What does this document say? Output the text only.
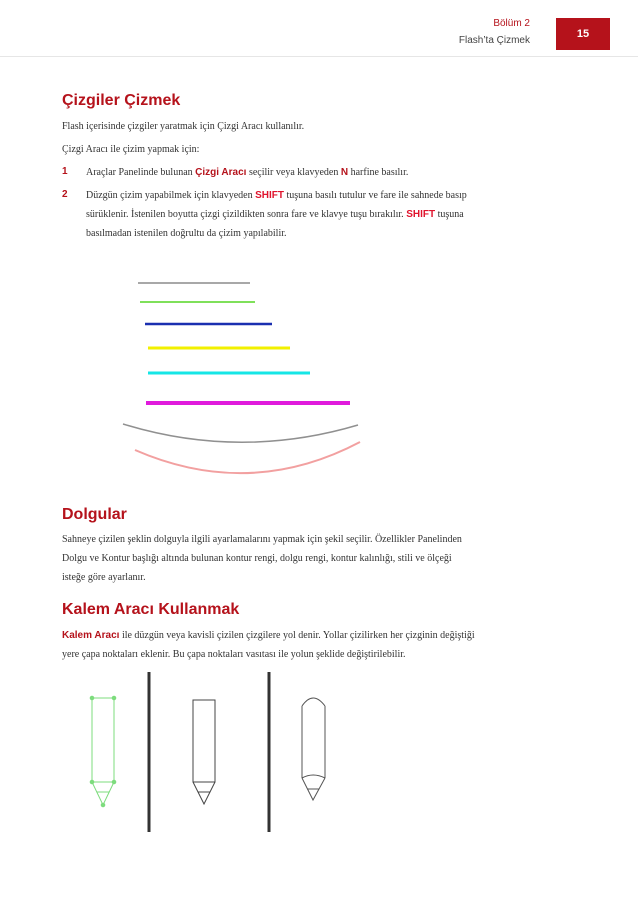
Bölüm 2
Flash’ta Çizmek
15
Çizgiler Çizmek
Flash içerisinde çizgiler yaratmak için Çizgi Aracı kullanılır.
Çizgi Aracı ile çizim yapmak için:
1 Araçlar Panelinde bulunan Çizgi Aracı seçilir veya klavyeden N harfine basılır.
2 Düzgün çizim yapabilmek için klavyeden SHIFT tuşuna basılı tutulur ve fare ile sahnede basıp
sürüklenir. İstenilen boyutta çizgi çizildikten sonra fare ve klavye tuşu bırakılır. SHIFT tuşuna
basılmadan istenilen doğrultu da çizim yapılabilir.
Dolgular
Sahneye çizilen şeklin dolguyla ilgili ayarlamalarını yapmak için şekil seçilir. Özellikler Panelinden
Dolgu ve Kontur başlığı altında bulunan kontur rengi, dolgu rengi, kontur kalınlığı, stili ve ölçeği
isteğe göre ayarlanır.
Kalem Aracı Kullanmak
Kalem Aracı ile düzgün veya kavisli çizilen çizgilere yol denir. Yollar çizilirken her çizginin değiştiği
yere çapa noktaları eklenir. Bu çapa noktaları vasıtası ile yolun şeklide değiştirilebilir.
